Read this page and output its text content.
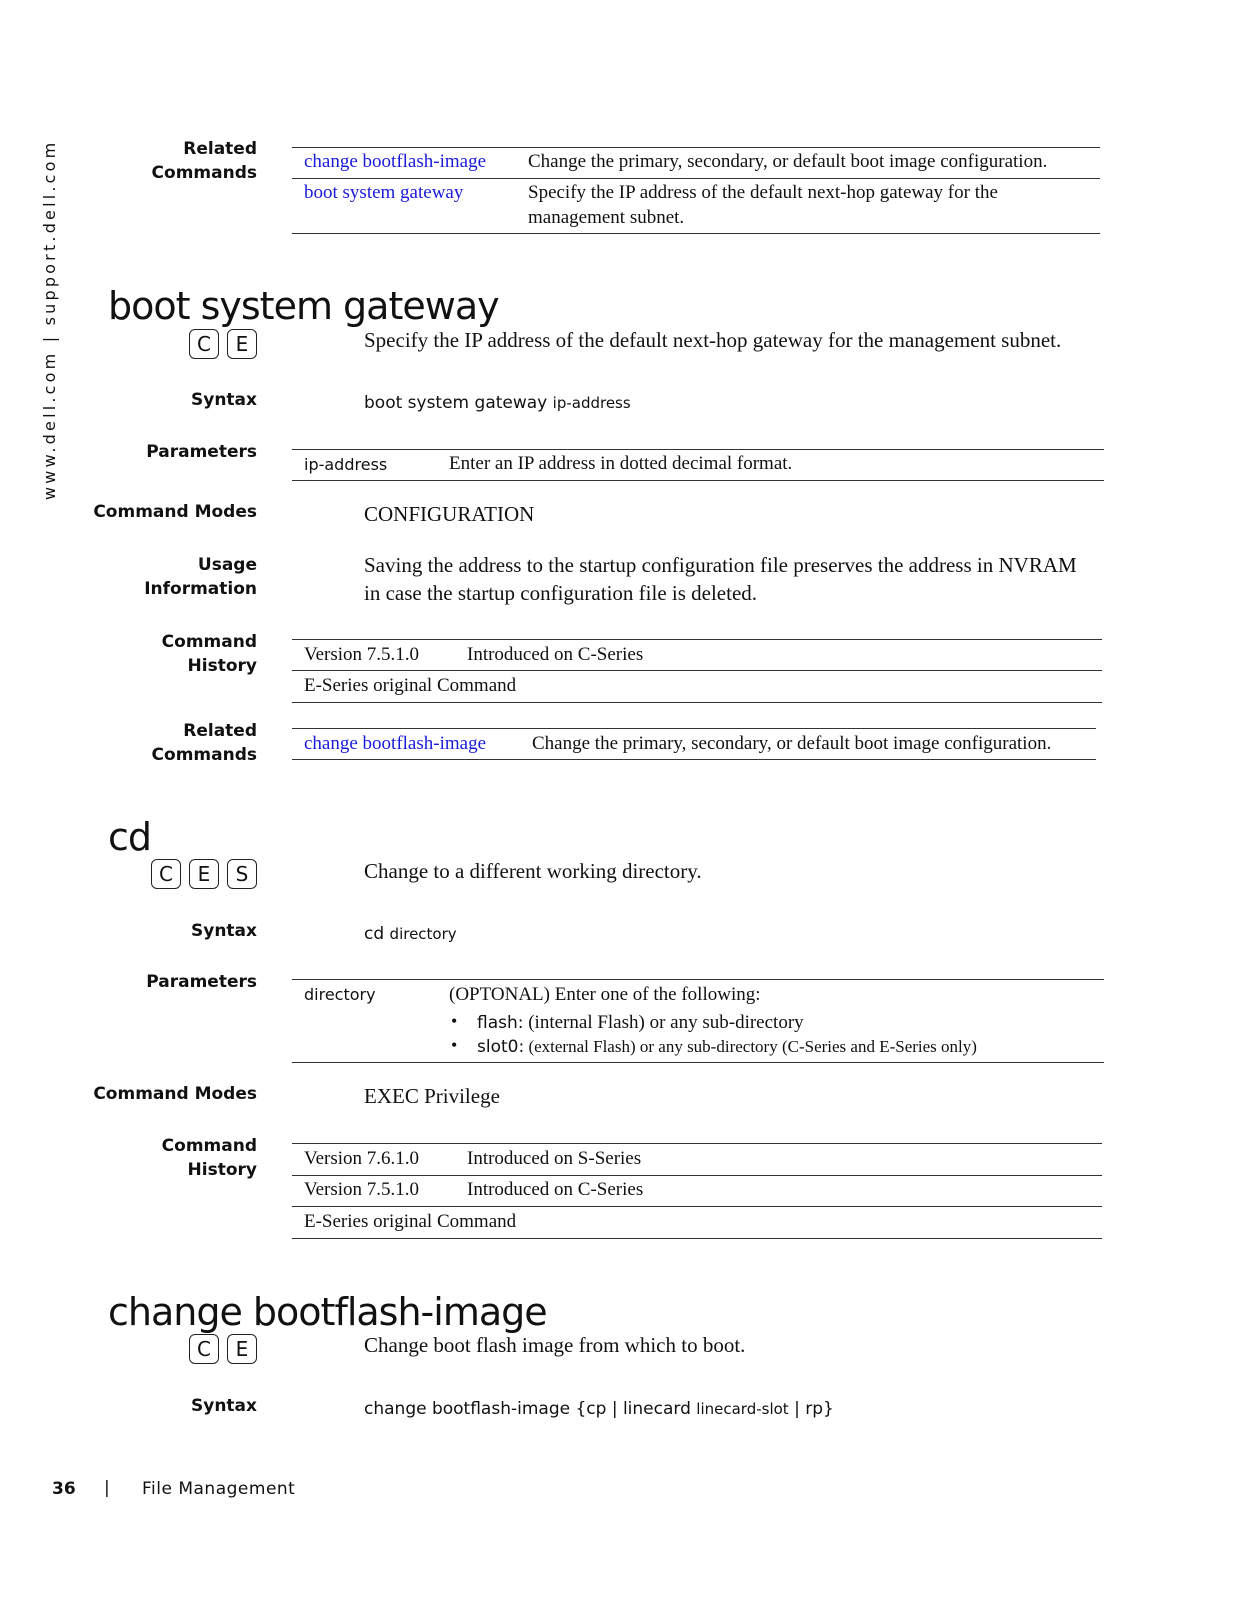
www.dell.com | support.dell.com	Related
Commands
change bootflash-image Change the primary, secondary, or default boot image configuration.
boot system gateway	Specify the IP address of the default next-hop gateway for the
management subnet.
boot system gateway
C	E	Specify the IP address of the default next-hop gateway for the management subnet.
Syntax	boot system gateway ip-address
Parameters
ip-address	Enter an IP address in dotted decimal format.
Command Modes	CONFIGURATION
Usage
Information
Saving the address to the startup configuration file preserves the address in NVRAM
in case the startup configuration file is deleted.
Command
History
Version 7.5.1.0	Introduced on C-Series
E-Series original Command
Related
Commands
change bootflash-image Change the primary, secondary, or default boot image configuration.
cd
C	E	S	Change to a different working directory.
Syntax	cd directory
Parameters
directory	(OPTONAL) Enter one of the following:
• flash: (internal Flash) or any sub-directory
• slot0: (external Flash) or any sub-directory (C-Series and E-Series only)
Command Modes	EXEC Privilege
Command
History
Version 7.6.1.0	Introduced on S-Series
Version 7.5.1.0	Introduced on C-Series
E-Series original Command
change bootflash-image
C	E	Change boot flash image from which to boot.
Syntax	change bootflash-image {cp | linecard linecard-slot | rp}
36 | File Management
